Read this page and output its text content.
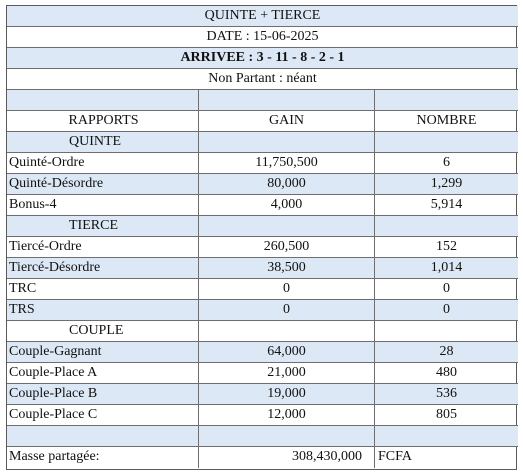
QUINTE + TIERCE
DATE : 15-06-2025
ARRIVEE : 3 - 11 - 8 - 2 - 1
Non Partant : néant
RAPPORTS	GAIN	NOMBRE
QUINTE
Quinté-Ordre	11,750,500	6
Quinté-Désordre	80,000	1,299
Bonus-4	4,000	5,914
TIERCE
Tiercé-Ordre	260,500	152
Tiercé-Désordre	38,500	1,014
TRC	0	0
TRS	0	0
COUPLE
Couple-Gagnant	64,000	28
Couple-Place A	21,000	480
Couple-Place B	19,000	536
Couple-Place C	12,000	805
Masse partagée:	308,430,000	FCFA
